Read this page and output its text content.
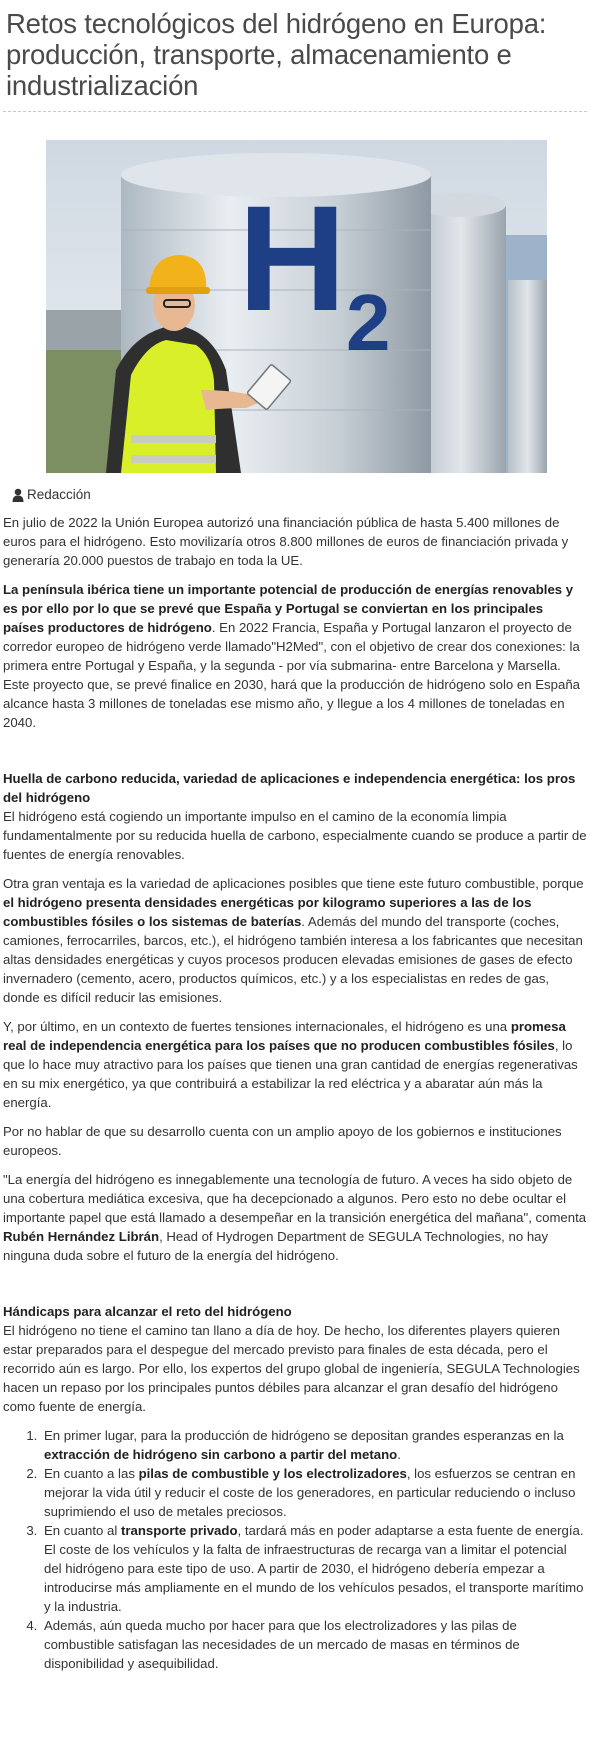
Retos tecnológicos del hidrógeno en Europa: producción, transporte, almacenamiento e industrialización
H 2
Redacción

En julio de 2022 la Unión Europea autorizó una financiación pública de hasta 5.400 millones de euros para el hidrógeno. Esto movilizaría otros 8.800 millones de euros de financiación privada y generaría 20.000 puestos de trabajo en toda la UE.

La península ibérica tiene un importante potencial de producción de energías renovables y es por ello por lo que se prevé que España y Portugal se conviertan en los principales países productores de hidrógeno. En 2022 Francia, España y Portugal lanzaron el proyecto de corredor europeo de hidrógeno verde llamado"H2Med", con el objetivo de crear dos conexiones: la primera entre Portugal y España, y la segunda - por vía submarina- entre Barcelona y Marsella. Este proyecto que, se prevé finalice en 2030, hará que la producción de hidrógeno solo en España alcance hasta 3 millones de toneladas ese mismo año, y llegue a los 4 millones de toneladas en 2040.

Huella de carbono reducida, variedad de aplicaciones e independencia energética: los pros del hidrógeno

El hidrógeno está cogiendo un importante impulso en el camino de la economía limpia fundamentalmente por su reducida huella de carbono, especialmente cuando se produce a partir de fuentes de energía renovables.

Otra gran ventaja es la variedad de aplicaciones posibles que tiene este futuro combustible, porque el hidrógeno presenta densidades energéticas por kilogramo superiores a las de los combustibles fósiles o los sistemas de baterías. Además del mundo del transporte (coches, camiones, ferrocarriles, barcos, etc.), el hidrógeno también interesa a los fabricantes que necesitan altas densidades energéticas y cuyos procesos producen elevadas emisiones de gases de efecto invernadero (cemento, acero, productos químicos, etc.) y a los especialistas en redes de gas, donde es difícil reducir las emisiones.

Y, por último, en un contexto de fuertes tensiones internacionales, el hidrógeno es una promesa real de independencia energética para los países que no producen combustibles fósiles, lo que lo hace muy atractivo para los países que tienen una gran cantidad de energías regenerativas en su mix energético, ya que contribuirá a estabilizar la red eléctrica y a abaratar aún más la energía.

Por no hablar de que su desarrollo cuenta con un amplio apoyo de los gobiernos e instituciones europeos.

"La energía del hidrógeno es innegablemente una tecnología de futuro. A veces ha sido objeto de una cobertura mediática excesiva, que ha decepcionado a algunos. Pero esto no debe ocultar el importante papel que está llamado a desempeñar en la transición energética del mañana", comenta Rubén Hernández Librán, Head of Hydrogen Department de SEGULA Technologies, no hay ninguna duda sobre el futuro de la energía del hidrógeno.

Hándicaps para alcanzar el reto del hidrógeno

El hidrógeno no tiene el camino tan llano a día de hoy. De hecho, los diferentes players quieren estar preparados para el despegue del mercado previsto para finales de esta década, pero el recorrido aún es largo. Por ello, los expertos del grupo global de ingeniería, SEGULA Technologies hacen un repaso por los principales puntos débiles para alcanzar el gran desafío del hidrógeno como fuente de energía.

1. En primer lugar, para la producción de hidrógeno se depositan grandes esperanzas en la extracción de hidrógeno sin carbono a partir del metano.
2. En cuanto a las pilas de combustible y los electrolizadores, los esfuerzos se centran en mejorar la vida útil y reducir el coste de los generadores, en particular reduciendo o incluso suprimiendo el uso de metales preciosos.
3. En cuanto al transporte privado, tardará más en poder adaptarse a esta fuente de energía. El coste de los vehículos y la falta de infraestructuras de recarga van a limitar el potencial del hidrógeno para este tipo de uso. A partir de 2030, el hidrógeno debería empezar a introducirse más ampliamente en el mundo de los vehículos pesados, el transporte marítimo y la industria.
4. Además, aún queda mucho por hacer para que los electrolizadores y las pilas de combustible satisfagan las necesidades de un mercado de masas en términos de disponibilidad y asequibilidad.
